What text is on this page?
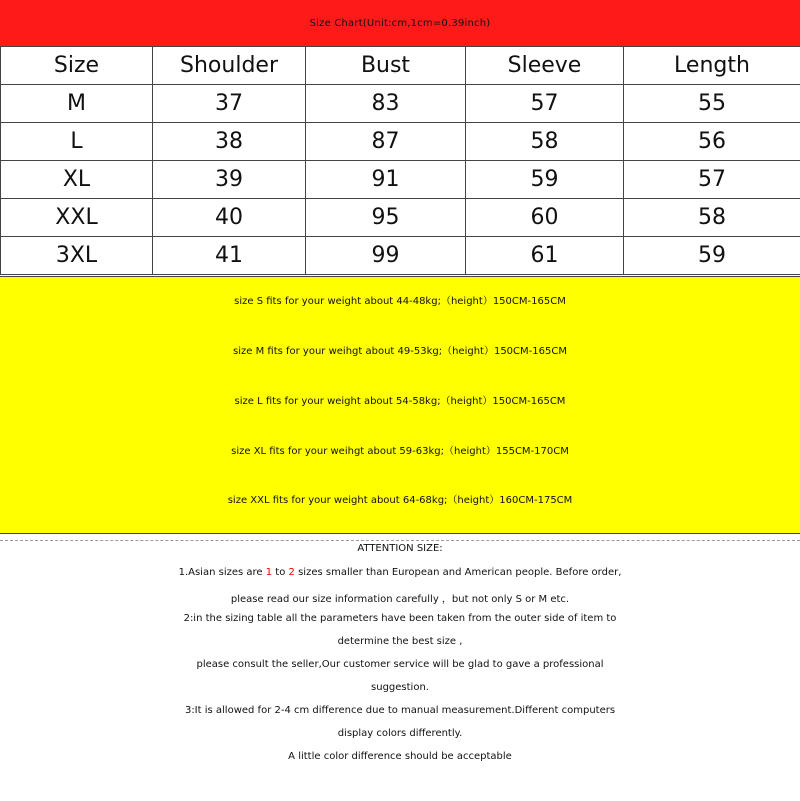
Size Chart(Unit:cm,1cm=0.39inch)
Size	Shoulder	Bust	Sleeve	Length
M	37	83	57	55
L	38	87	58	56
XL	39	91	59	57
XXL	40	95	60	58
3XL	41	99	61	59
size S fits for your weight about 44-48kg;（height）150CM-165CM
size M fits for your weihgt about 49-53kg;（height）150CM-165CM
size L fits for your weight about 54-58kg;（height）150CM-165CM
size XL fits for your weihgt about 59-63kg;（height）155CM-170CM
size XXL fits for your weight about 64-68kg;（height）160CM-175CM
ATTENTION SIZE:
1.Asian sizes are 1 to 2 sizes smaller than European and American people. Before order,
please read our size information carefully ，but not only S or M etc.
2:in the sizing table all the parameters have been taken from the outer side of item to
determine the best size ,
please consult the seller,Our customer service will be glad to gave a professional
suggestion.
3:It is allowed for 2-4 cm difference due to manual measurement.Different computers
display colors differently.
A little color difference should be acceptable
